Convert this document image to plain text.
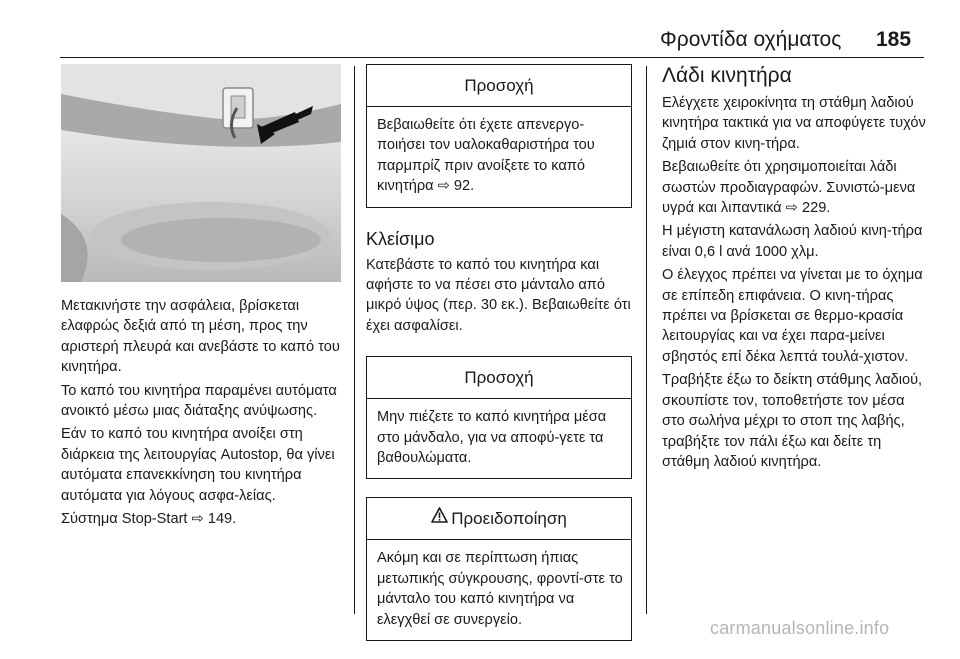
Φροντίδα οχήματος 185

Μετακινήστε την ασφάλεια, βρίσκεται ελαφρώς δεξιά από τη μέση, προς την αριστερή πλευρά και ανεβάστε το καπό του κινητήρα.

Το καπό του κινητήρα παραμένει αυτόματα ανοικτό μέσω μιας διάταξης ανύψωσης.

Εάν το καπό του κινητήρα ανοίξει στη διάρκεια της λειτουργίας Autostop, θα γίνει αυτόματα επανεκκίνηση του κινητήρα αυτόματα για λόγους ασφα‐λείας.

Σύστημα Stop-Start ⇨ 149.

Προσοχή

Βεβαιωθείτε ότι έχετε απενεργο‐ποιήσει τον υαλοκαθαριστήρα του παρμπρίζ πριν ανοίξετε το καπό κινητήρα ⇨ 92.

Κλείσιμο

Κατεβάστε το καπό του κινητήρα και αφήστε το να πέσει στο μάνταλο από μικρό ύψος (περ. 30 εκ.). Βεβαιωθείτε ότι έχει ασφαλίσει.

Προσοχή

Μην πιέζετε το καπό κινητήρα μέσα στο μάνδαλο, για να αποφύ‐γετε τα βαθουλώματα.

Προειδοποίηση

Ακόμη και σε περίπτωση ήπιας μετωπικής σύγκρουσης, φροντί‐στε το μάνταλο του καπό κινητήρα να ελεγχθεί σε συνεργείο.

Λάδι κινητήρα

Ελέγχετε χειροκίνητα τη στάθμη λαδιού κινητήρα τακτικά για να αποφύγετε τυχόν ζημιά στον κινη‐τήρα.

Βεβαιωθείτε ότι χρησιμοποιείται λάδι σωστών προδιαγραφών. Συνιστώ‐μενα υγρά και λιπαντικά ⇨ 229.

Η μέγιστη κατανάλωση λαδιού κινη‐τήρα είναι 0,6 l ανά 1000 χλμ.

Ο έλεγχος πρέπει να γίνεται με το όχημα σε επίπεδη επιφάνεια. Ο κινη‐τήρας πρέπει να βρίσκεται σε θερμο‐κρασία λειτουργίας και να έχει παρα‐μείνει σβηστός επί δέκα λεπτά τουλά‐χιστον.

Τραβήξτε έξω το δείκτη στάθμης λαδιού, σκουπίστε τον, τοποθετήστε τον μέσα στο σωλήνα μέχρι το στοπ της λαβής, τραβήξτε τον πάλι έξω και δείτε τη στάθμη λαδιού κινητήρα.

carmanualsonline.info
